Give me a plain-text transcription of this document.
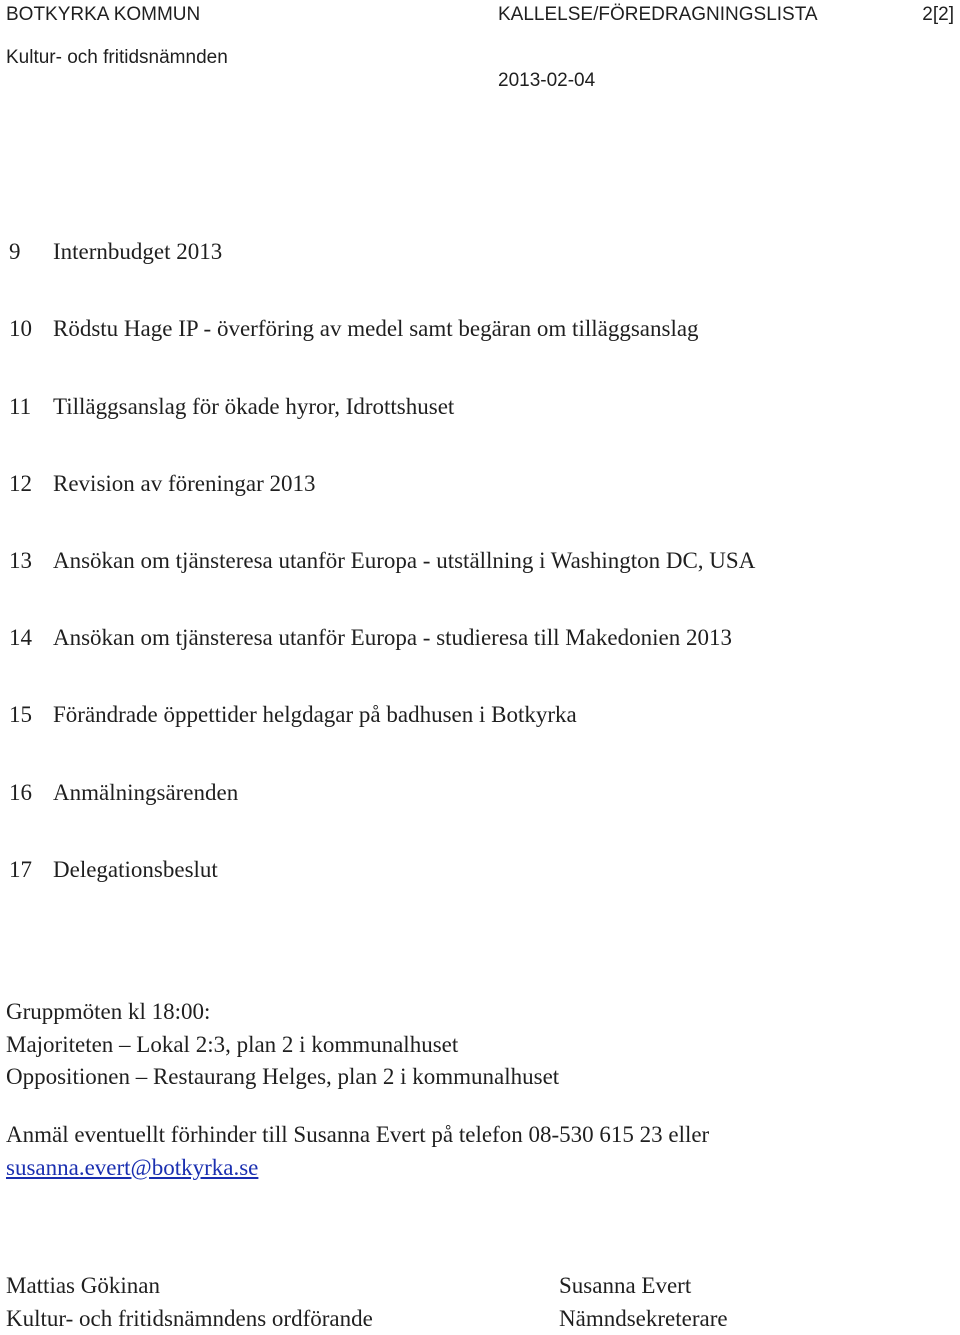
BOTKYRKA KOMMUN	KALLELSE/FÖREDRAGNINGSLISTA	2[2]
Kultur- och fritidsnämnden
2013-02-04
9 Internbudget 2013
10 Rödstu Hage IP - överföring av medel samt begäran om tilläggsanslag
11 Tilläggsanslag för ökade hyror, Idrottshuset
12 Revision av föreningar 2013
13 Ansökan om tjänsteresa utanför Europa - utställning i Washington DC, USA
14 Ansökan om tjänsteresa utanför Europa - studieresa till Makedonien 2013
15 Förändrade öppettider helgdagar på badhusen i Botkyrka
16 Anmälningsärenden
17 Delegationsbeslut
Gruppmöten kl 18:00:
Majoriteten – Lokal 2:3, plan 2 i kommunalhuset
Oppositionen – Restaurang Helges, plan 2 i kommunalhuset
Anmäl eventuellt förhinder till Susanna Evert på telefon 08-530 615 23 eller
susanna.evert@botkyrka.se
Mattias Gökinan
Kultur- och fritidsnämndens ordförande
Susanna Evert
Nämndsekreterare
